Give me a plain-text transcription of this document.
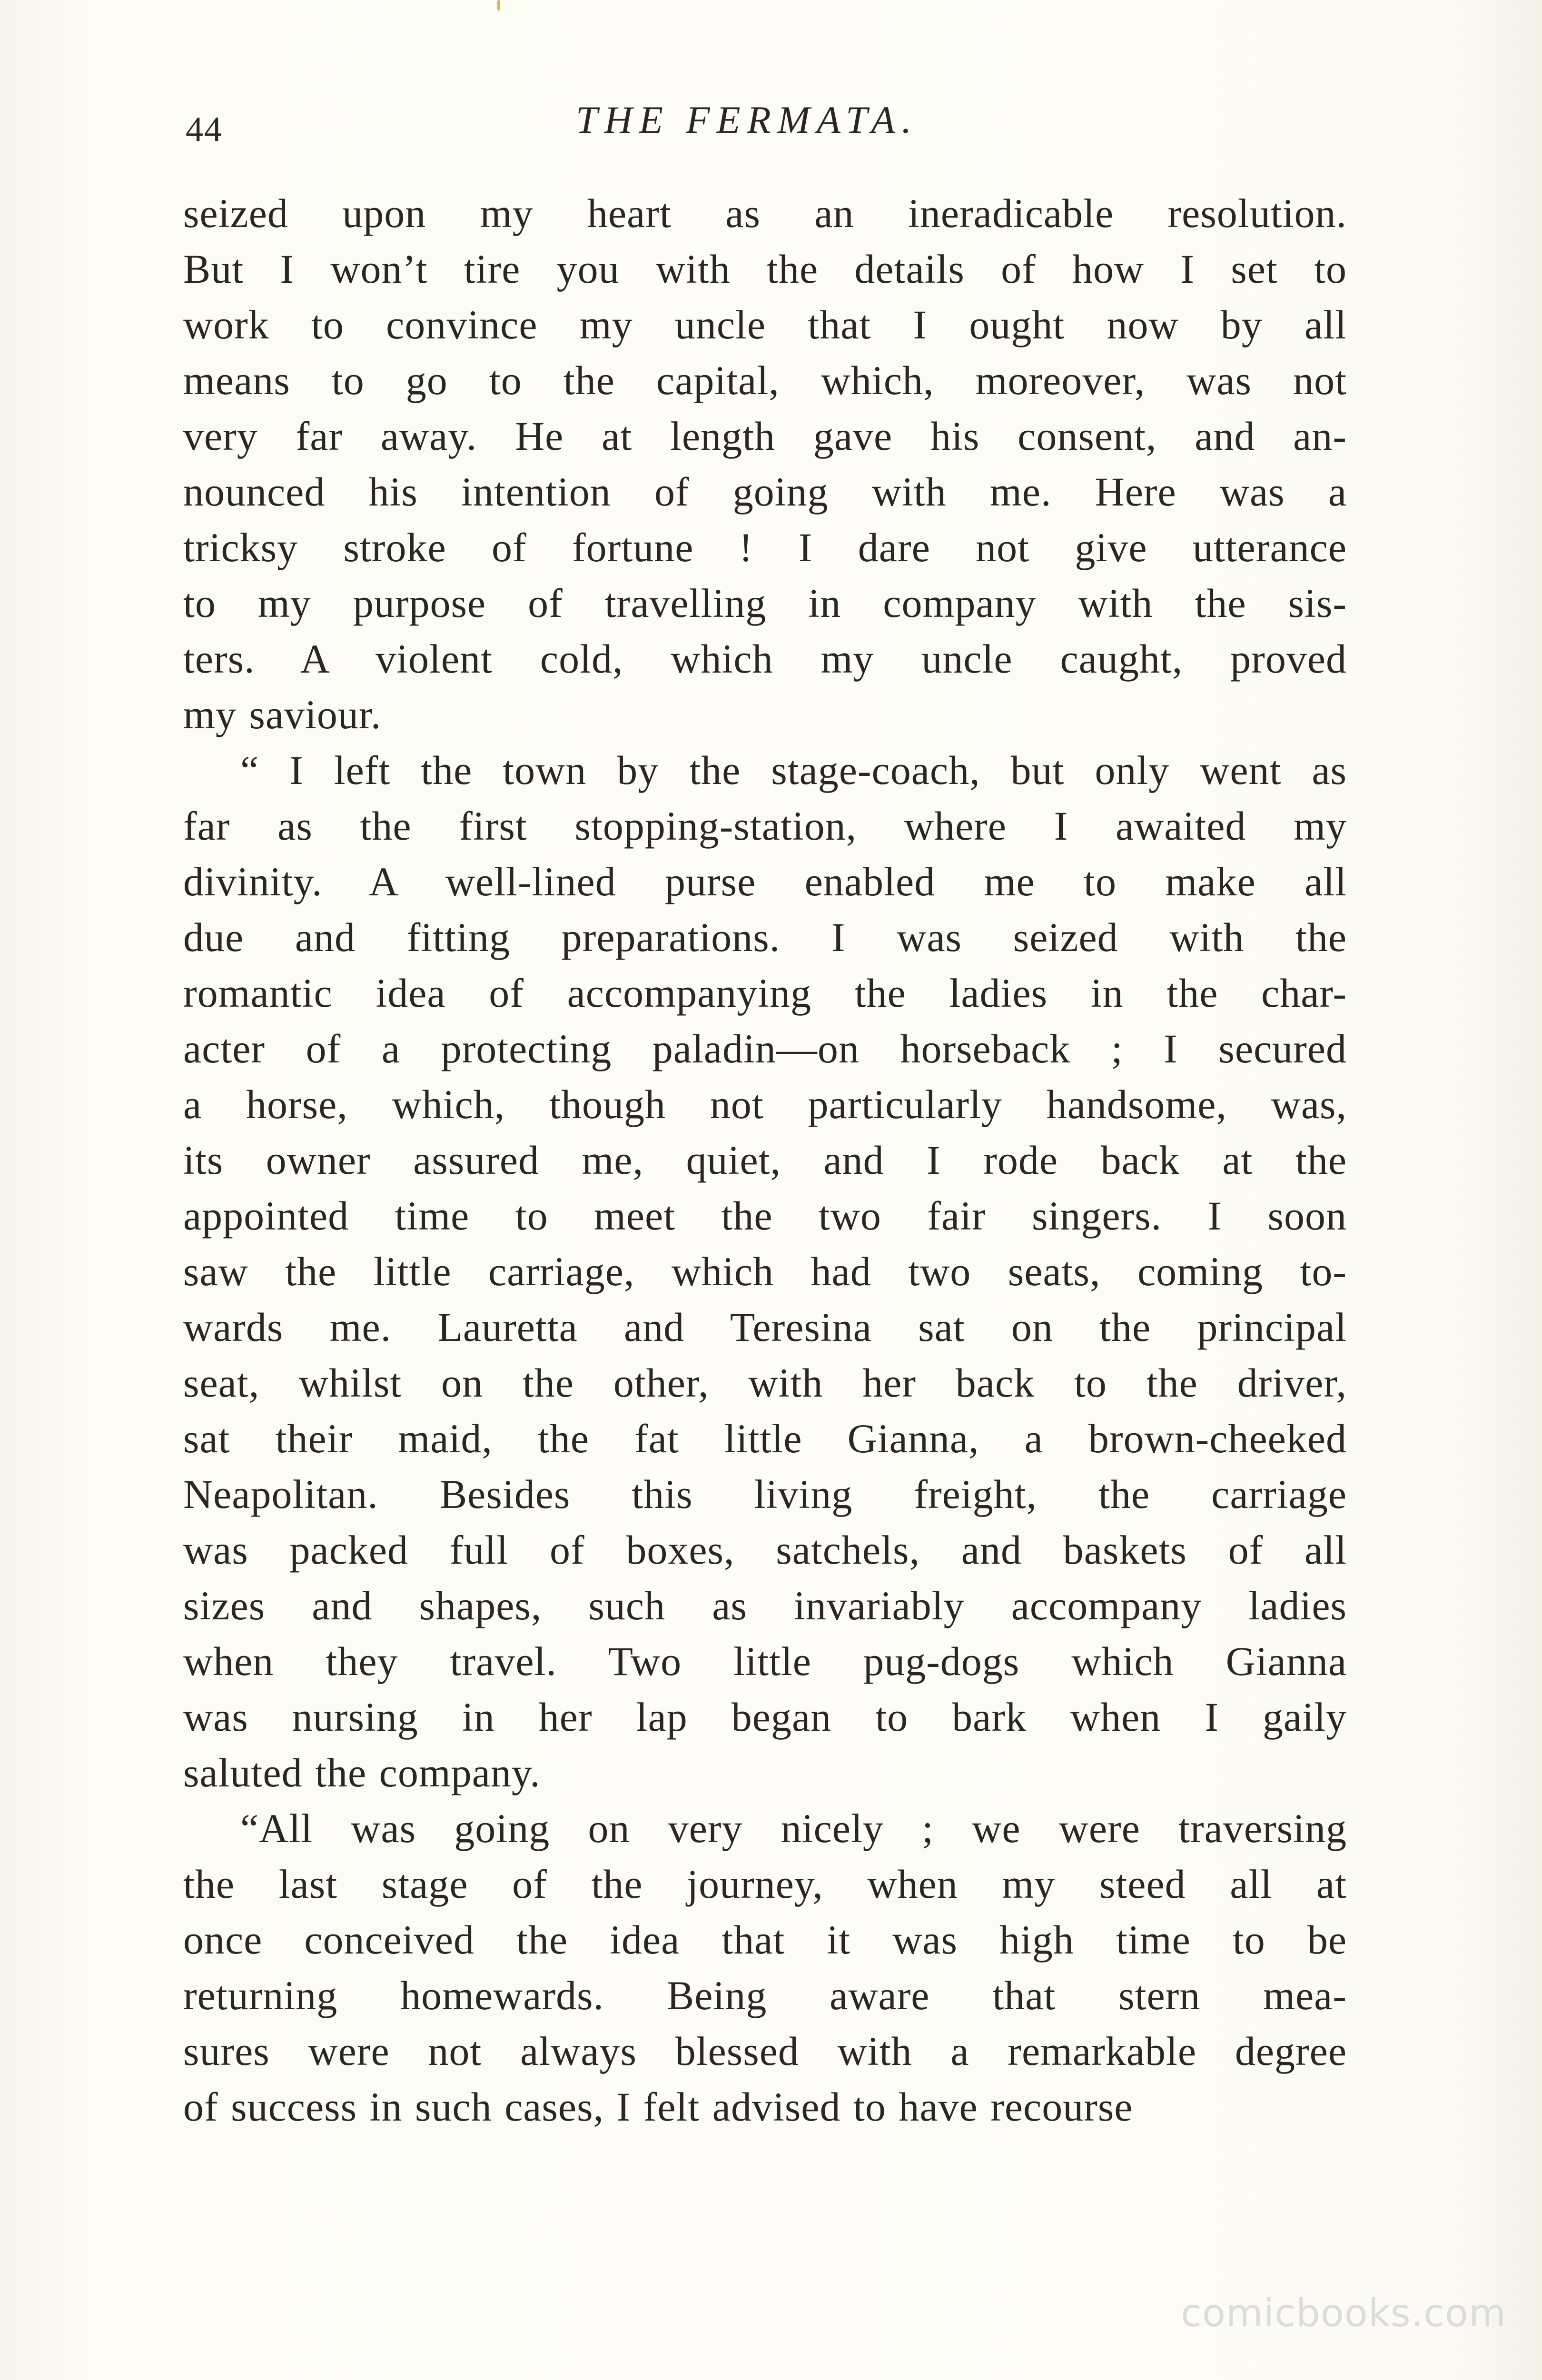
44	THE FERMATA.
seized upon my heart as an ineradicable resolution.
But I won’t tire you with the details of how I set to
work to convince my uncle that I ought now by all
means to go to the capital, which, moreover, was not
very far away. He at length gave his consent, and an-
nounced his intention of going with me. Here was a
tricksy stroke of fortune ! I dare not give utterance
to my purpose of travelling in company with the sis-
ters. A violent cold, which my uncle caught, proved
my saviour.
“ I left the town by the stage-coach, but only went as
far as the first stopping-station, where I awaited my
divinity. A well-lined purse enabled me to make all
due and fitting preparations. I was seized with the
romantic idea of accompanying the ladies in the char-
acter of a protecting paladin—on horseback ; I secured
a horse, which, though not particularly handsome, was,
its owner assured me, quiet, and I rode back at the
appointed time to meet the two fair singers. I soon
saw the little carriage, which had two seats, coming to-
wards me. Lauretta and Teresina sat on the principal
seat, whilst on the other, with her back to the driver,
sat their maid, the fat little Gianna, a brown-cheeked
Neapolitan. Besides this living freight, the carriage
was packed full of boxes, satchels, and baskets of all
sizes and shapes, such as invariably accompany ladies
when they travel. Two little pug-dogs which Gianna
was nursing in her lap began to bark when I gaily
saluted the company.
“All was going on very nicely ; we were traversing
the last stage of the journey, when my steed all at
once conceived the idea that it was high time to be
returning homewards. Being aware that stern mea-
sures were not always blessed with a remarkable degree
of success in such cases, I felt advised to have recourse
comicbooks.com
